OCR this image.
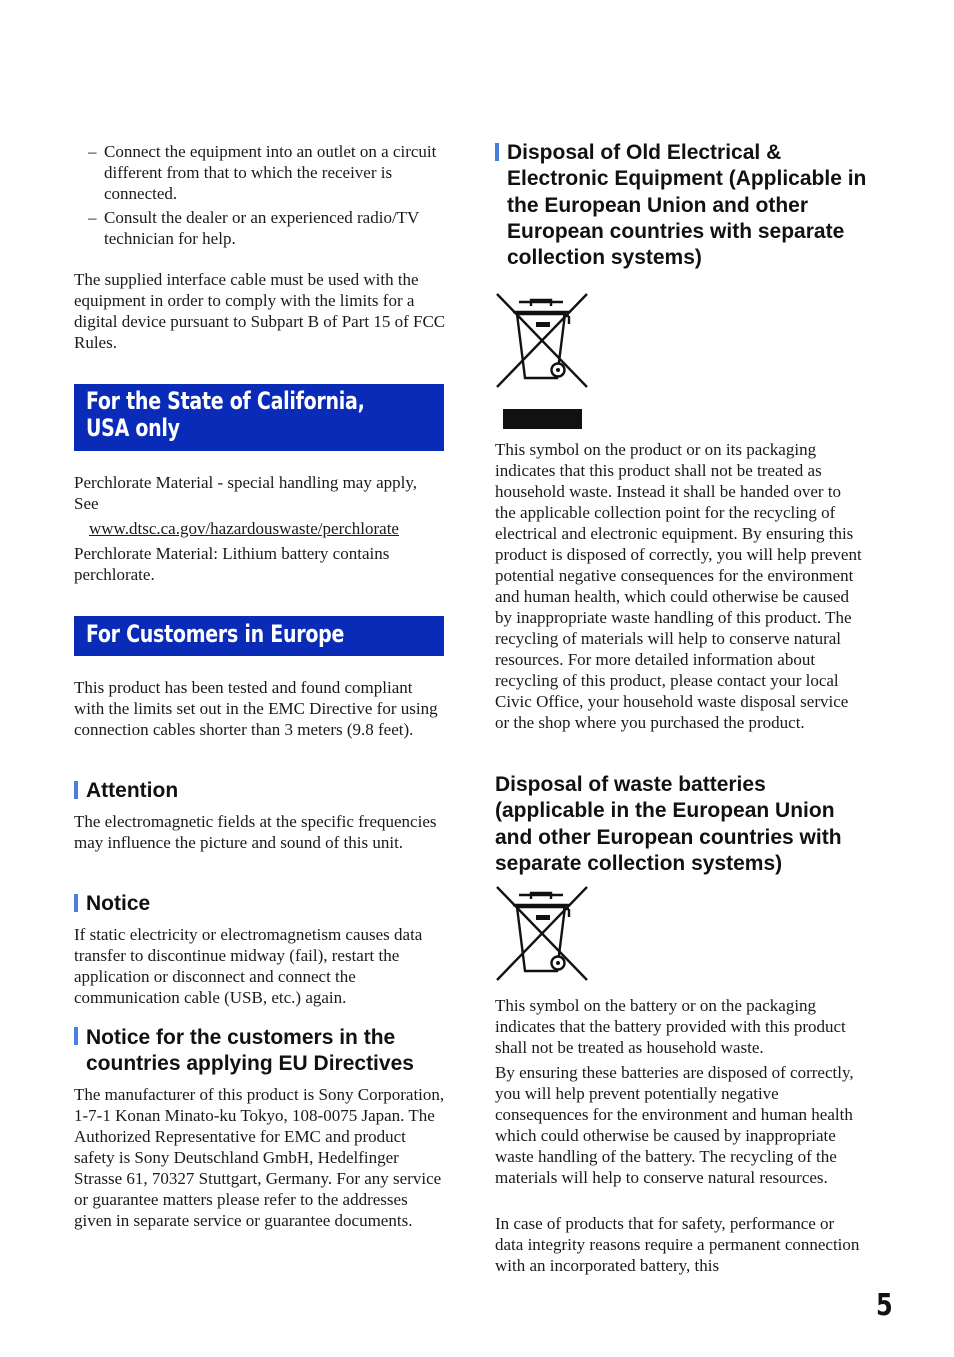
– Connect the equipment into an outlet on a circuit different from that to which the receiver is connected.
– Consult the dealer or an experienced radio/TV technician for help.

The supplied interface cable must be used with the equipment in order to comply with the limits for a digital device pursuant to Subpart B of Part 15 of FCC Rules.

For the State of California, USA only

Perchlorate Material - special handling may apply, See

www.dtsc.ca.gov/hazardouswaste/perchlorate

Perchlorate Material: Lithium battery contains perchlorate.

For Customers in Europe

This product has been tested and found compliant with the limits set out in the EMC Directive for using connection cables shorter than 3 meters (9.8 feet).

Attention

The electromagnetic fields at the specific frequencies may influence the picture and sound of this unit.

Notice

If static electricity or electromagnetism causes data transfer to discontinue midway (fail), restart the application or disconnect and connect the communication cable (USB, etc.) again.

Notice for the customers in the countries applying EU Directives

The manufacturer of this product is Sony Corporation, 1-7-1 Konan Minato-ku Tokyo, 108-0075 Japan. The Authorized Representative for EMC and product safety is Sony Deutschland GmbH, Hedelfinger Strasse 61, 70327 Stuttgart, Germany. For any service or guarantee matters please refer to the addresses given in separate service or guarantee documents.

Disposal of Old Electrical & Electronic Equipment (Applicable in the European Union and other European countries with separate collection systems)

This symbol on the product or on its packaging indicates that this product shall not be treated as household waste. Instead it shall be handed over to the applicable collection point for the recycling of electrical and electronic equipment. By ensuring this product is disposed of correctly, you will help prevent potential negative consequences for the environment and human health, which could otherwise be caused by inappropriate waste handling of this product. The recycling of materials will help to conserve natural resources. For more detailed information about recycling of this product, please contact your local Civic Office, your household waste disposal service or the shop where you purchased the product.

Disposal of waste batteries (applicable in the European Union and other European countries with separate collection systems)

This symbol on the battery or on the packaging indicates that the battery provided with this product shall not be treated as household waste.

By ensuring these batteries are disposed of correctly, you will help prevent potentially negative consequences for the environment and human health which could otherwise be caused by inappropriate waste handling of the battery. The recycling of the materials will help to conserve natural resources.

In case of products that for safety, performance or data integrity reasons require a permanent connection with an incorporated battery, this

5
